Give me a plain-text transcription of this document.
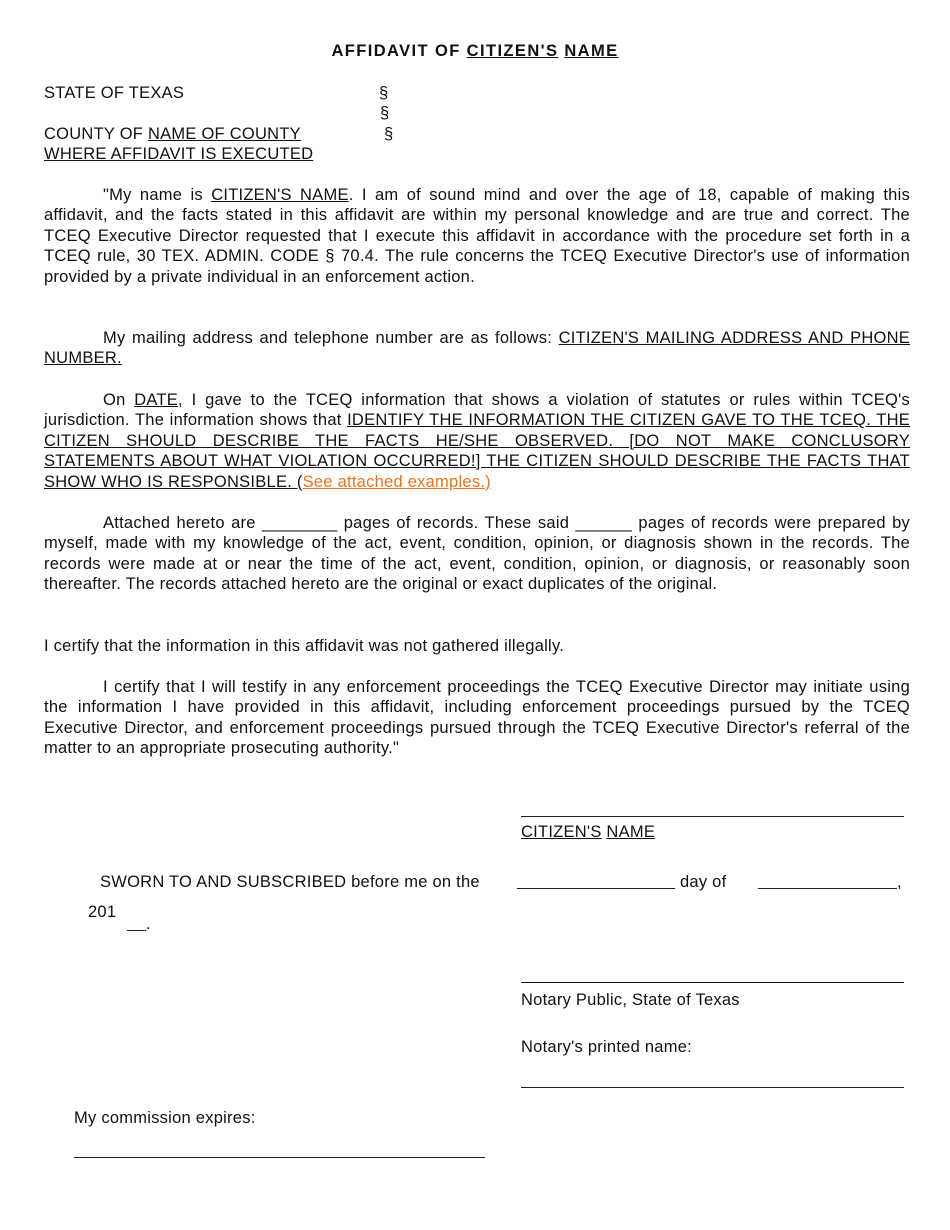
AFFIDAVIT OF CITIZEN'S NAME
STATE OF TEXAS
COUNTY OF NAME OF COUNTY
WHERE AFFIDAVIT IS EXECUTED
§
§
§
"My name is CITIZEN'S NAME. I am of sound mind and over the age of 18, capable of making this affidavit, and the facts stated in this affidavit are within my personal knowledge and are true and correct. The TCEQ Executive Director requested that I execute this affidavit in accordance with the procedure set forth in a TCEQ rule, 30 TEX. ADMIN. CODE § 70.4. The rule concerns the TCEQ Executive Director's use of information provided by a private individual in an enforcement action.
My mailing address and telephone number are as follows: CITIZEN'S MAILING ADDRESS AND PHONE NUMBER.
On DATE, I gave to the TCEQ information that shows a violation of statutes or rules within TCEQ's jurisdiction. The information shows that IDENTIFY THE INFORMATION THE CITIZEN GAVE TO THE TCEQ. THE CITIZEN SHOULD DESCRIBE THE FACTS HE/SHE OBSERVED. [DO NOT MAKE CONCLUSORY STATEMENTS ABOUT WHAT VIOLATION OCCURRED!] THE CITIZEN SHOULD DESCRIBE THE FACTS THAT SHOW WHO IS RESPONSIBLE. (See attached examples.)
Attached hereto are ________ pages of records. These said ______ pages of records were prepared by myself, made with my knowledge of the act, event, condition, opinion, or diagnosis shown in the records. The records were made at or near the time of the act, event, condition, opinion, or diagnosis, or reasonably soon thereafter. The records attached hereto are the original or exact duplicates of the original.
I certify that the information in this affidavit was not gathered illegally.
I certify that I will testify in any enforcement proceedings the TCEQ Executive Director may initiate using the information I have provided in this affidavit, including enforcement proceedings pursued by the TCEQ Executive Director, and enforcement proceedings pursued through the TCEQ Executive Director's referral of the matter to an appropriate prosecuting authority."
CITIZEN'S NAME
SWORN TO AND SUBSCRIBED before me on the	day of	,
201
.
Notary Public, State of Texas
Notary's printed name:
My commission expires:
